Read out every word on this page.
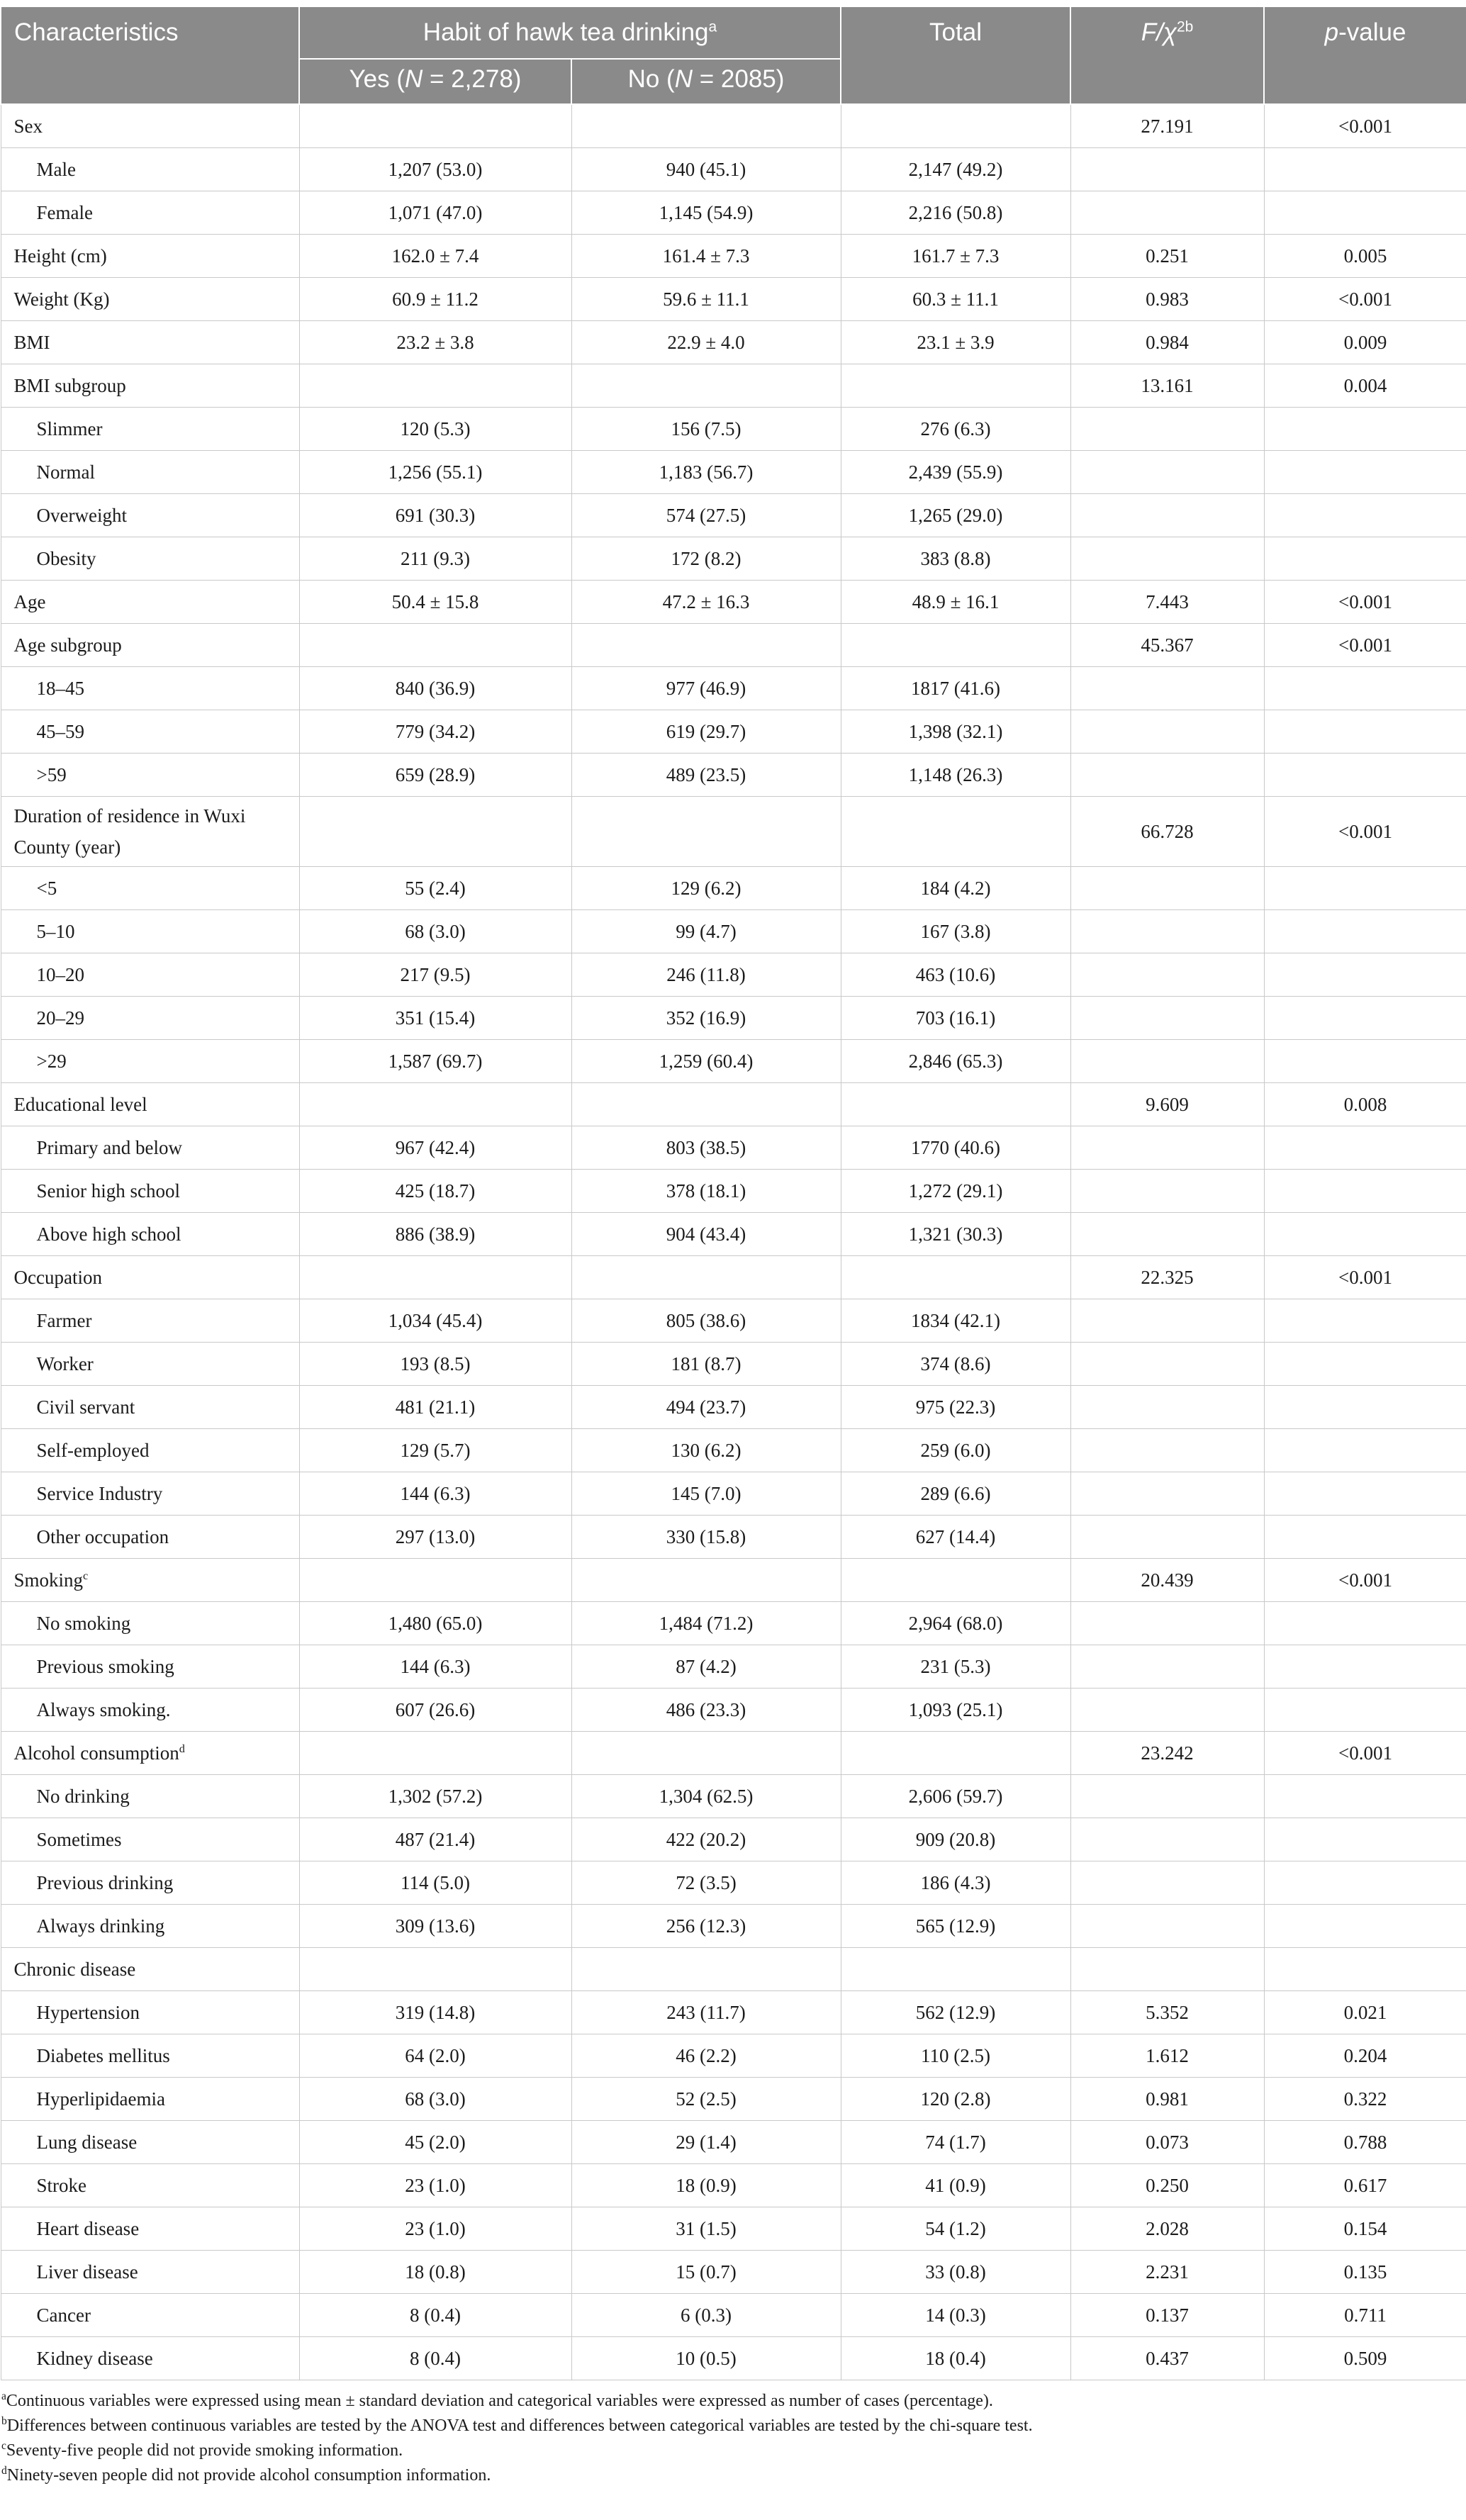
Characteristics	Habit of hawk tea drinking$^a$		Total	$F/\chi^{2b}$	p-value
	Yes (N = 2,278)	No (N = 2085)			
Sex				27.191	<0.001
Male	1,207 (53.0)	940 (45.1)	2,147 (49.2)		
Female	1,071 (47.0)	1,145 (54.9)	2,216 (50.8)		
Height (cm)	162.0 ± 7.4	161.4 ± 7.3	161.7 ± 7.3	0.251	0.005
Weight (Kg)	60.9 ± 11.2	59.6 ± 11.1	60.3 ± 11.1	0.983	<0.001
BMI	23.2 ± 3.8	22.9 ± 4.0	23.1 ± 3.9	0.984	0.009
BMI subgroup				13.161	0.004
Slimmer	120 (5.3)	156 (7.5)	276 (6.3)		
Normal	1,256 (55.1)	1,183 (56.7)	2,439 (55.9)		
Overweight	691 (30.3)	574 (27.5)	1,265 (29.0)		
Obesity	211 (9.3)	172 (8.2)	383 (8.8)		
Age	50.4 ± 15.8	47.2 ± 16.3	48.9 ± 16.1	7.443	<0.001
Age subgroup				45.367	<0.001
18–45	840 (36.9)	977 (46.9)	1817 (41.6)		
45–59	779 (34.2)	619 (29.7)	1,398 (32.1)		
>59	659 (28.9)	489 (23.5)	1,148 (26.3)		
Duration of residence in Wuxi County (year)				66.728	<0.001
<5	55 (2.4)	129 (6.2)	184 (4.2)		
5–10	68 (3.0)	99 (4.7)	167 (3.8)		
10–20	217 (9.5)	246 (11.8)	463 (10.6)		
20–29	351 (15.4)	352 (16.9)	703 (16.1)		
>29	1,587 (69.7)	1,259 (60.4)	2,846 (65.3)		
Educational level				9.609	0.008
Primary and below	967 (42.4)	803 (38.5)	1770 (40.6)		
Senior high school	425 (18.7)	378 (18.1)	1,272 (29.1)		
Above high school	886 (38.9)	904 (43.4)	1,321 (30.3)		
Occupation				22.325	<0.001
Farmer	1,034 (45.4)	805 (38.6)	1834 (42.1)		
Worker	193 (8.5)	181 (8.7)	374 (8.6)		
Civil servant	481 (21.1)	494 (23.7)	975 (22.3)		
Self-employed	129 (5.7)	130 (6.2)	259 (6.0)		
Service Industry	144 (6.3)	145 (7.0)	289 (6.6)		
Other occupation	297 (13.0)	330 (15.8)	627 (14.4)		
Smoking$^c$				20.439	<0.001
No smoking	1,480 (65.0)	1,484 (71.2)	2,964 (68.0)		
Previous smoking	144 (6.3)	87 (4.2)	231 (5.3)		
Always smoking.	607 (26.6)	486 (23.3)	1,093 (25.1)		
Alcohol consumption$^d$				23.242	<0.001
No drinking	1,302 (57.2)	1,304 (62.5)	2,606 (59.7)		
Sometimes	487 (21.4)	422 (20.2)	909 (20.8)		
Previous drinking	114 (5.0)	72 (3.5)	186 (4.3)		
Always drinking	309 (13.6)	256 (12.3)	565 (12.9)		
Chronic disease					
Hypertension	319 (14.8)	243 (11.7)	562 (12.9)	5.352	0.021
Diabetes mellitus	64 (2.0)	46 (2.2)	110 (2.5)	1.612	0.204
Hyperlipidaemia	68 (3.0)	52 (2.5)	120 (2.8)	0.981	0.322
Lung disease	45 (2.0)	29 (1.4)	74 (1.7)	0.073	0.788
Stroke	23 (1.0)	18 (0.9)	41 (0.9)	0.250	0.617
Heart disease	23 (1.0)	31 (1.5)	54 (1.2)	2.028	0.154
Liver disease	18 (0.8)	15 (0.7)	33 (0.8)	2.231	0.135
Cancer	8 (0.4)	6 (0.3)	14 (0.3)	0.137	0.711
Kidney disease	8 (0.4)	10 (0.5)	18 (0.4)	0.437	0.509
$^a$Continuous variables were expressed using mean ± standard deviation and categorical variables were expressed as number of cases (percentage).
$^b$Differences between continuous variables are tested by the ANOVA test and differences between categorical variables are tested by the chi-square test.
$^c$Seventy-five people did not provide smoking information.
$^d$Ninety-seven people did not provide alcohol consumption information.
